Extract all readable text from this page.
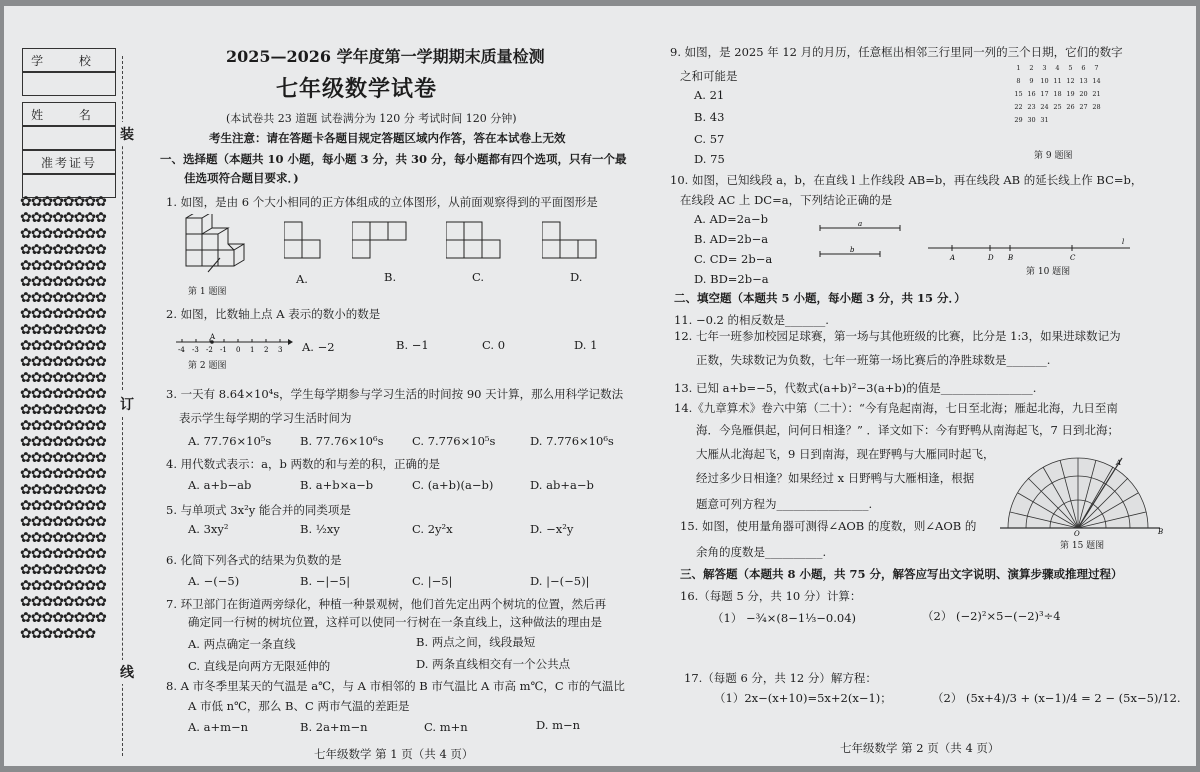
学 校
姓 名
准考证号
✿✿✿✿✿✿✿✿✿✿✿✿✿✿✿✿✿✿✿✿✿✿✿✿✿✿✿✿✿✿✿✿✿✿✿✿✿✿✿✿✿✿✿✿✿✿✿✿✿✿✿✿✿✿✿✿✿✿✿✿✿✿✿✿✿✿✿✿✿✿✿✿✿✿✿✿✿✿✿✿✿✿✿✿✿✿✿✿✿✿✿✿✿✿✿✿✿✿✿✿✿✿✿✿✿✿✿✿✿✿✿✿✿✿✿✿✿✿✿✿✿✿✿✿✿✿✿✿✿✿✿✿✿✿✿✿✿✿✿✿✿✿✿✿✿✿✿✿✿✿✿✿✿✿✿✿✿✿✿✿✿✿✿✿✿✿✿✿✿✿✿✿✿✿✿✿✿✿✿✿✿✿✿✿✿✿✿✿✿✿✿✿✿✿✿✿✿✿✿✿✿✿✿✿✿✿✿✿✿✿✿✿✿✿✿✿✿✿✿✿✿✿✿
装
订
线
2025—2026 学年度第一学期期末质量检测
七年级数学试卷
(本试卷共 23 道题 试卷满分为 120 分 考试时间 120 分钟)
考生注意：请在答题卡各题目规定答题区域内作答，答在本试卷上无效
一、选择题（本题共 10 小题，每小题 3 分，共 30 分，每小题都有四个选项，只有一个最
佳选项符合题目要求．)
1. 如图，是由 6 个大小相同的正方体组成的立体图形，从前面观察得到的平面图形是
第 1 题图
A.	B.	C.	D.
2. 如图，比数轴上点 A 表示的数小的数是
A
-4 -3 -2 -1 0 1 2 3
第 2 题图
A. −2	B. −1	C. 0	D. 1
3. 一天有 8.64×10⁴s，学生每学期参与学习生活的时间按 90 天计算，那么用科学记数法
表示学生每学期的学习生活时间为
A. 77.76×10⁵s B. 77.76×10⁶s C. 7.776×10⁵s	D. 7.776×10⁶s
4. 用代数式表示：a，b 两数的和与差的积，正确的是
A. a+b−ab	B. a+b×a−b	C. (a+b)(a−b)	D. ab+a−b
5. 与单项式 3x²y 能合并的同类项是
A. 3xy²	B. ½xy	C. 2y²x	D. −x²y
6. 化简下列各式的结果为负数的是
A. −(−5)	B. −|−5|	C. |−5|	D. |−(−5)|
7. 环卫部门在街道两旁绿化，种植一种景观树，他们首先定出两个树坑的位置，然后再
确定同一行树的树坑位置，这样可以使同一行树在一条直线上，这种做法的理由是
A. 两点确定一条直线	B. 两点之间，线段最短
C. 直线是向两方无限延伸的	D. 两条直线相交有一个公共点
8. A 市冬季里某天的气温是 a℃，与 A 市相邻的 B 市气温比 A 市高 m℃，C 市的气温比
A 市低 n℃，那么 B、C 两市气温的差距是
A. a+m−n	B. 2a+m−n	C. m+n	D. m−n
七年级数学 第 1 页（共 4 页）
9. 如图，是 2025 年 12 月的月历，任意框出相邻三行里同一列的三个日期，它们的数字
之和可能是
A. 21
B. 43
C. 57
D. 75
1	2	3	4	5	6	7
8	9	10 11 12 13 14
15 16 17 18 19 20 21
22 23 24 25 26 27 28
29 30 31
第 9 题图
10. 如图，已知线段 a，b，在直线 l 上作线段 AB=b，再在线段 AB 的延长线上作 BC=b，
在线段 AC 上 DC=a，下列结论正确的是
A. AD=2a−b
B. AD=2b−a
C. CD= 2b−a
D. BD=2b−a
a
b
l
A	D B	C
第 10 题图
二、填空题（本题共 5 小题，每小题 3 分，共 15 分．）
11. −0.2 的相反数是_______.
12. 七年一班参加校园足球赛，第一场与其他班级的比赛，比分是 1:3，如果进球数记为
正数，失球数记为负数，七年一班第一场比赛后的净胜球数是_______.
13. 已知 a+b=−5，代数式(a+b)²−3(a+b)的值是________________.
14.《九章算术》卷六中第（二十）：“今有凫起南海，七日至北海；雁起北海，九日至南
海．今凫雁俱起，问何日相逢？” ．译文如下：今有野鸭从南海起飞，7 日到北海；
大雁从北海起飞，9 日到南海，现在野鸭与大雁同时起飞，
经过多少日相逢？如果经过 x 日野鸭与大雁相逢，根据
题意可列方程为________________.
15. 如图，使用量角器可测得∠AOB 的度数，则∠AOB 的
余角的度数是__________.
A
O	B
第 15 题图
三、解答题（本题共 8 小题，共 75 分，解答应写出文字说明、演算步骤或推理过程）
16.（每题 5 分，共 10 分）计算：
（1） −¾×(8−1⅓−0.04)	（2） (−2)²×5−(−2)³÷4
17.（每题 6 分，共 12 分）解方程：
（1）2x−(x+10)=5x+2(x−1)；	（2） (5x+4)/3 + (x−1)/4 = 2 − (5x−5)/12.
七年级数学 第 2 页（共 4 页）
